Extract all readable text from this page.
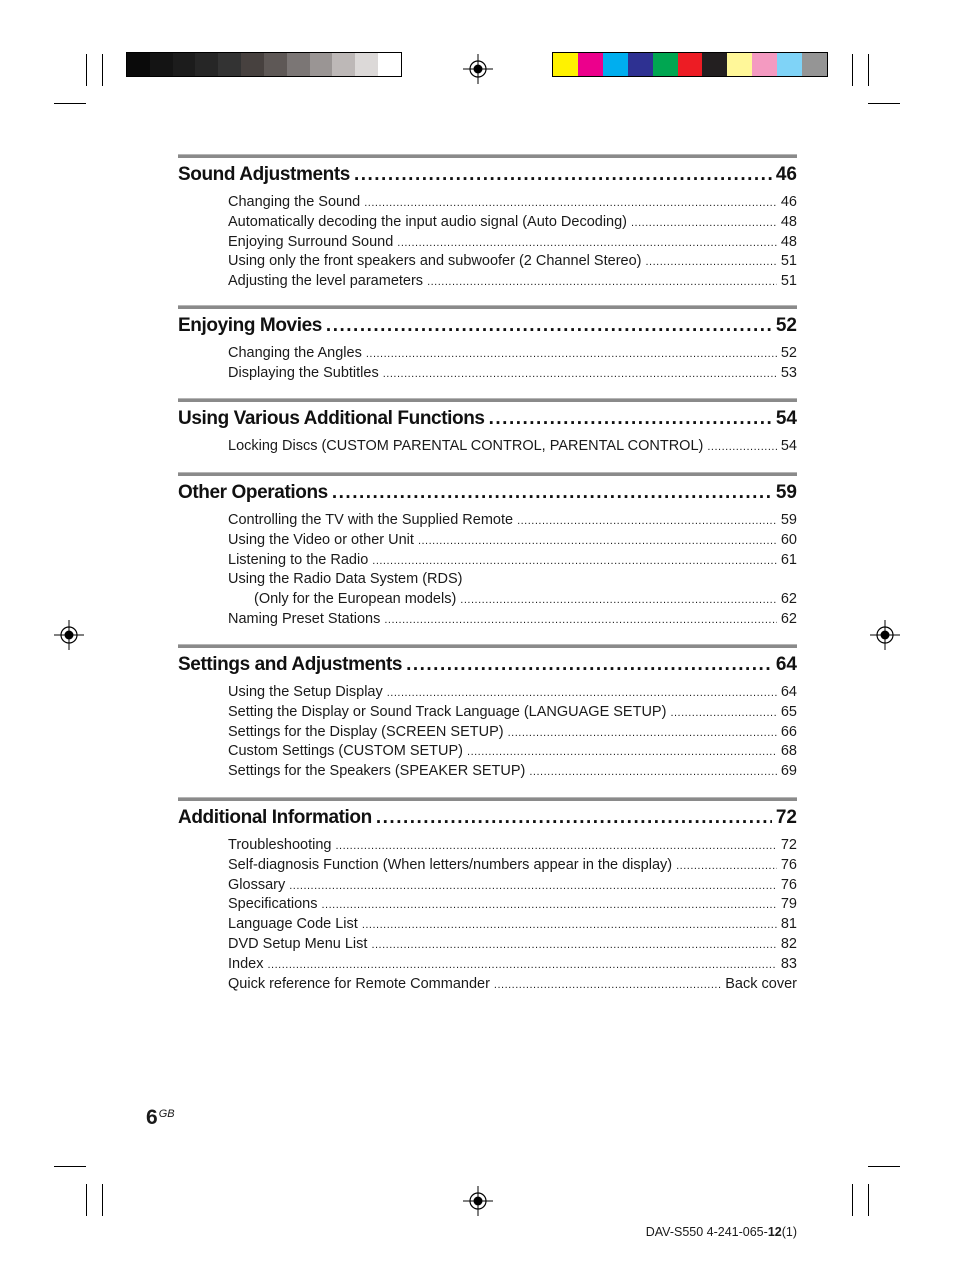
Sound Adjustments .....	46
Changing the Sound .....	46
Automatically decoding the input audio signal (Auto Decoding) .....	48
Enjoying Surround Sound .....	48
Using only the front speakers and subwoofer (2 Channel Stereo) .....	51
Adjusting the level parameters .....	51
Enjoying Movies .....	52
Changing the Angles .....	52
Displaying the Subtitles .....	53
Using Various Additional Functions .....	54
Locking Discs (CUSTOM PARENTAL CONTROL, PARENTAL CONTROL) .....	54
Other Operations .....	59
Controlling the TV with the Supplied Remote .....	59
Using the Video or other Unit .....	60
Listening to the Radio .....	61
Using the Radio Data System (RDS)
(Only for the European models) .....	62
Naming Preset Stations .....	62
Settings and Adjustments .....	64
Using the Setup Display .....	64
Setting the Display or Sound Track Language (LANGUAGE SETUP) .....	65
Settings for the Display (SCREEN SETUP) .....	66
Custom Settings (CUSTOM SETUP) .....	68
Settings for the Speakers (SPEAKER SETUP) .....	69
Additional Information .....	72
Troubleshooting .....	72
Self-diagnosis Function (When letters/numbers appear in the display) .....	76
Glossary .....	76
Specifications .....	79
Language Code List .....	81
DVD Setup Menu List .....	82
Index .....	83
Quick reference for Remote Commander .....	Back cover
$6^{GB}$
DAV-S550 4-241-065-12(1)
